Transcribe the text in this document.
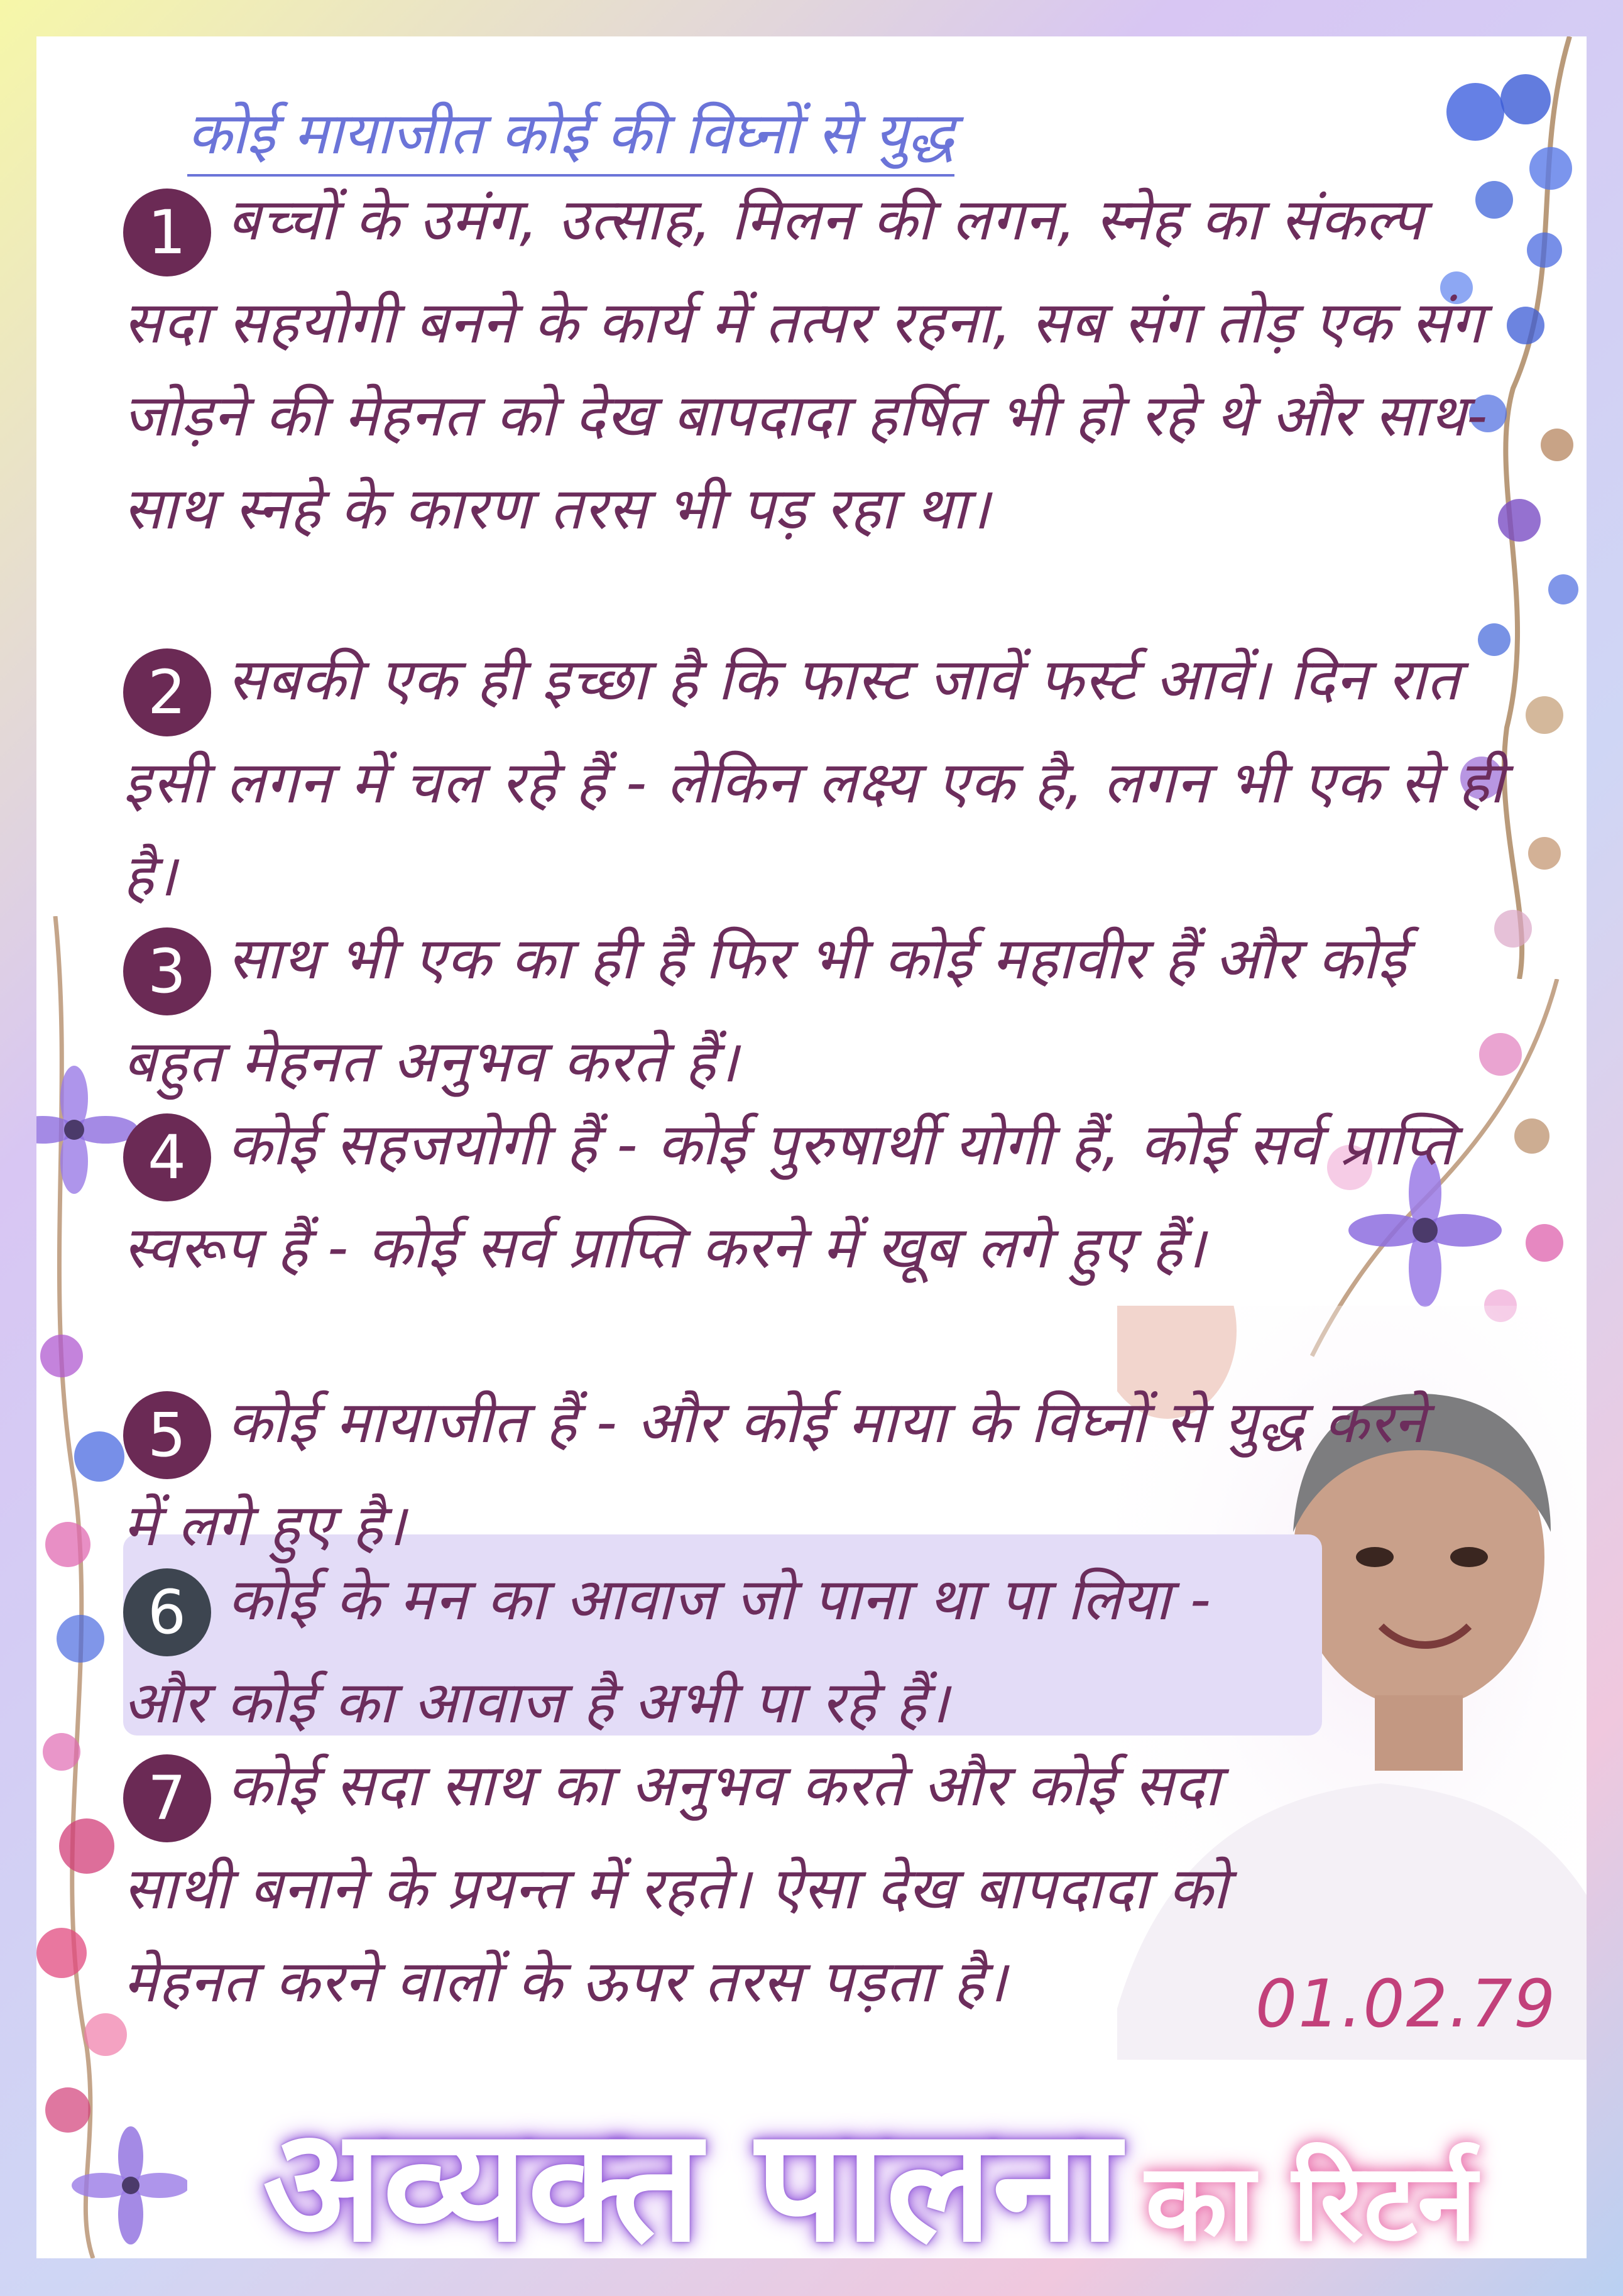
कोई मायाजीत कोई की विघ्नों से युद्ध
1 बच्चों के उमंग, उत्साह, मिलन की लगन, स्नेह का संकल्प सदा सहयोगी बनने के कार्य में तत्पर रहना, सब संग तोड़ एक संग जोड़ने की मेहनत को देख बापदादा हर्षित भी हो रहे थे और साथ-साथ स्नहे के कारण तरस भी पड़ रहा था।
2 सबकी एक ही इच्छा है कि फास्ट जावें फर्स्ट आवें। दिन रात इसी लगन में चल रहे हैं - लेकिन लक्ष्य एक है, लगन भी एक से ही है।
3 साथ भी एक का ही है फिर भी कोई महावीर हैं और कोई बहुत मेहनत अनुभव करते हैं।
4 कोई सहजयोगी हैं - कोई पुरुषार्थी योगी हैं, कोई सर्व प्राप्ति स्वरूप हैं - कोई सर्व प्राप्ति करने में खूब लगे हुए हैं।
5 कोई मायाजीत हैं - और कोई माया के विघ्नों से युद्ध करने में लगे हुए है।
6 कोई के मन का आवाज जो पाना था पा लिया - और कोई का आवाज है अभी पा रहे हैं।
7 कोई सदा साथ का अनुभव करते और कोई सदा साथी बनाने के प्रयन्त में रहते। ऐसा देख बापदादा को मेहनत करने वालों के ऊपर तरस पड़ता है।	01.02.79
अव्यक्त पालना का रिटर्न
